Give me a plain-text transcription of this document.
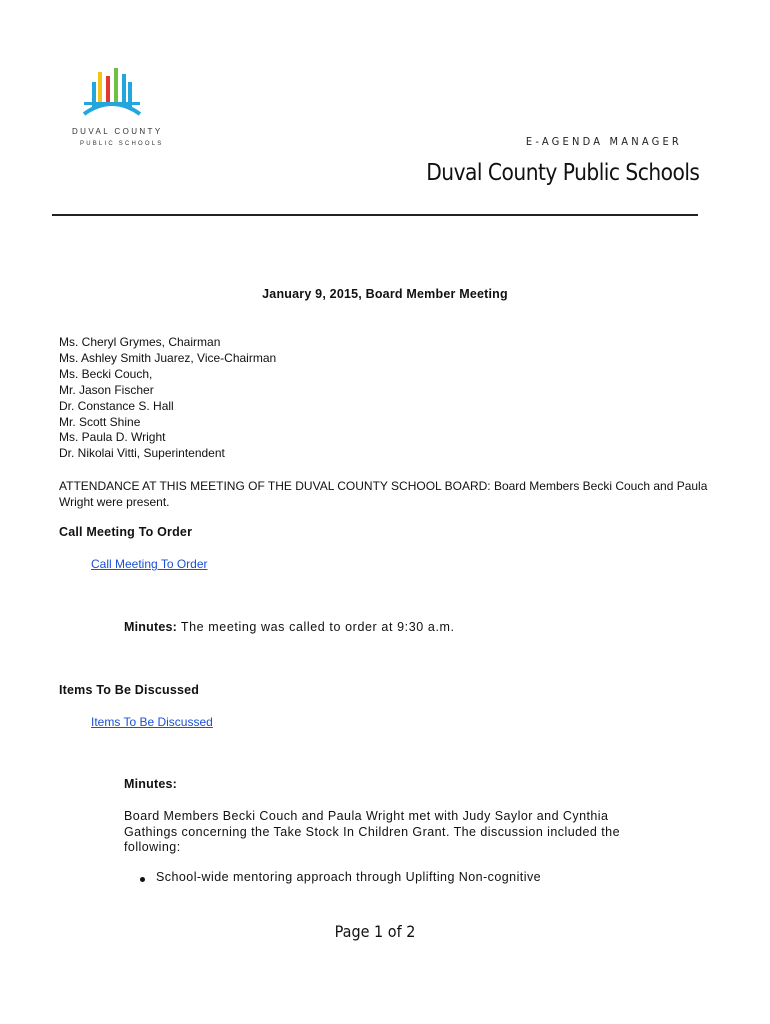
DUVAL COUNTY
PUBLIC SCHOOLS	E-AGENDA MANAGER
Duval County Public Schools
January 9, 2015, Board Member Meeting
Ms. Cheryl Grymes, Chairman
Ms. Ashley Smith Juarez, Vice-Chairman
Ms. Becki Couch,
Mr. Jason Fischer
Dr. Constance S. Hall
Mr. Scott Shine
Ms. Paula D. Wright
Dr. Nikolai Vitti, Superintendent
ATTENDANCE AT THIS MEETING OF THE DUVAL COUNTY SCHOOL BOARD: Board Members Becki Couch and Paula Wright were present.
Call Meeting To Order
Call Meeting To Order
Minutes: The meeting was called to order at 9:30 a.m.
Items To Be Discussed
Items To Be Discussed
Minutes:
Board Members Becki Couch and Paula Wright met with Judy Saylor and Cynthia Gathings concerning the Take Stock In Children Grant. The discussion included the following:
School-wide mentoring approach through Uplifting Non-cognitive
Page 1 of 2
